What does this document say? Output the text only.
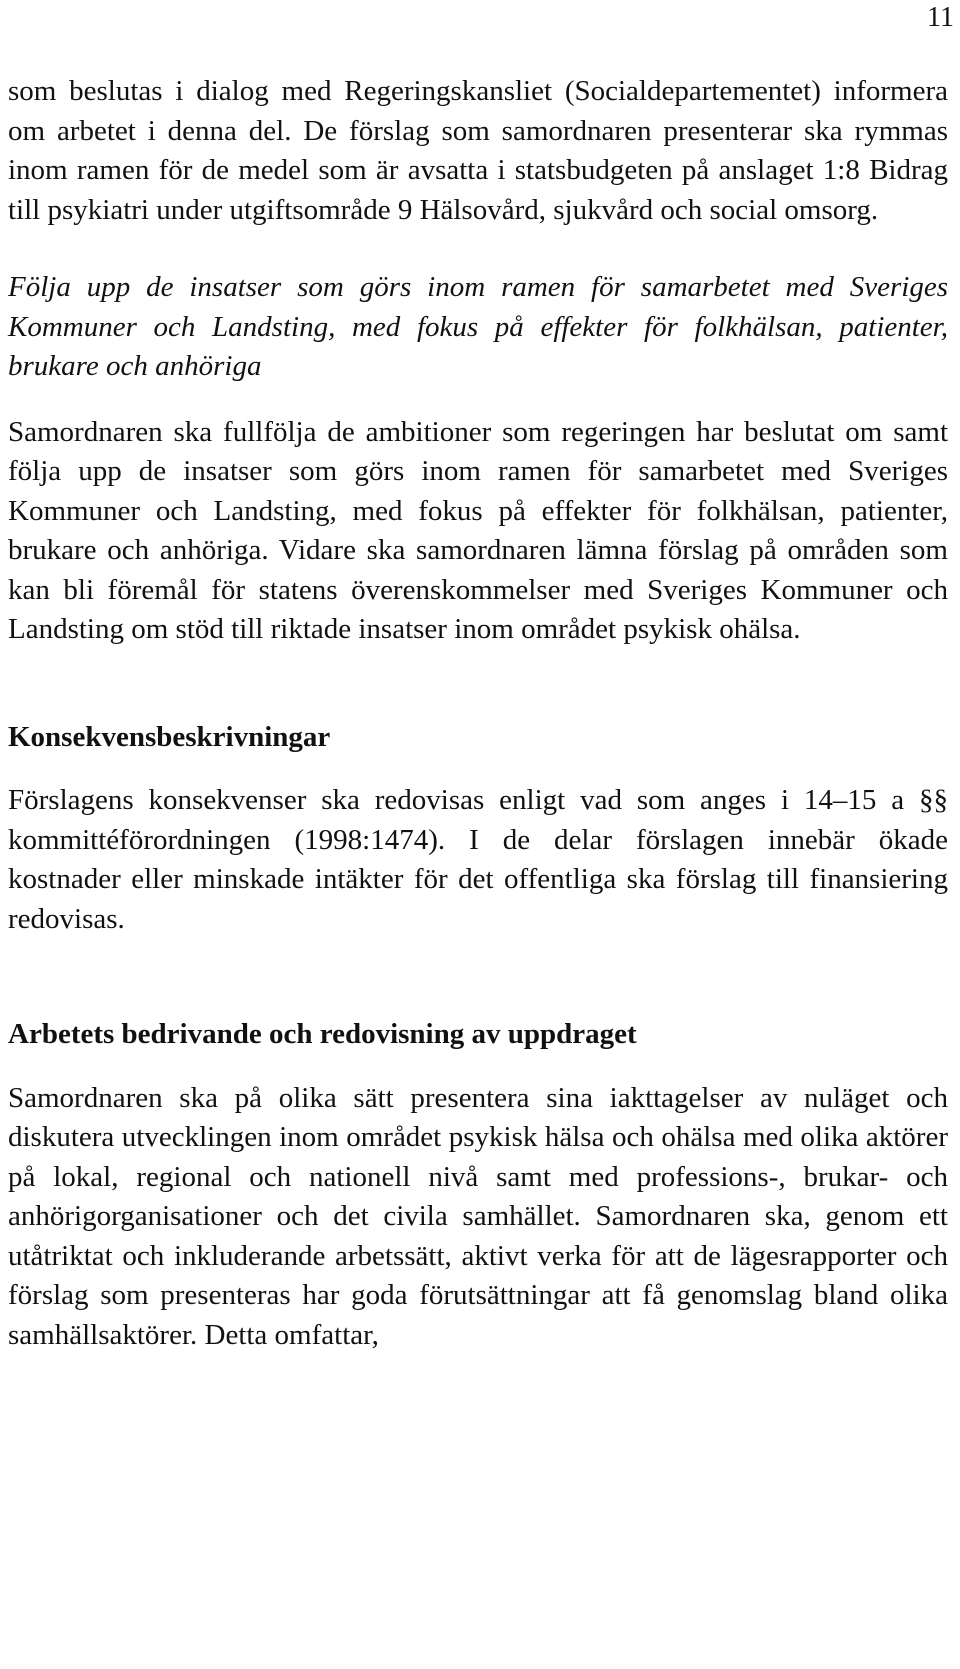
11

som beslutas i dialog med Regeringskansliet (Socialdepartementet) informera om arbetet i denna del. De förslag som samordnaren presenterar ska rymmas inom ramen för de medel som är avsatta i statsbudgeten på anslaget 1:8 Bidrag till psykiatri under utgiftsområde 9 Hälsovård, sjukvård och social omsorg.

Följa upp de insatser som görs inom ramen för samarbetet med Sveriges Kommuner och Landsting, med fokus på effekter för folkhälsan, patienter, brukare och anhöriga

Samordnaren ska fullfölja de ambitioner som regeringen har beslutat om samt följa upp de insatser som görs inom ramen för samarbetet med Sveriges Kommuner och Landsting, med fokus på effekter för folkhälsan, patienter, brukare och anhöriga. Vidare ska samordnaren lämna förslag på områden som kan bli föremål för statens överenskommelser med Sveriges Kommuner och Landsting om stöd till riktade insatser inom området psykisk ohälsa.

Konsekvensbeskrivningar

Förslagens konsekvenser ska redovisas enligt vad som anges i 14–15 a §§ kommittéförordningen (1998:1474). I de delar förslagen innebär ökade kostnader eller minskade intäkter för det offentliga ska förslag till finansiering redovisas.

Arbetets bedrivande och redovisning av uppdraget

Samordnaren ska på olika sätt presentera sina iakttagelser av nuläget och diskutera utvecklingen inom området psykisk hälsa och ohälsa med olika aktörer på lokal, regional och nationell nivå samt med professions-, brukar- och anhörigorganisationer och det civila samhället. Samordnaren ska, genom ett utåtriktat och inkluderande arbetssätt, aktivt verka för att de lägesrapporter och förslag som presenteras har goda förutsättningar att få genomslag bland olika samhällsaktörer. Detta omfattar,
